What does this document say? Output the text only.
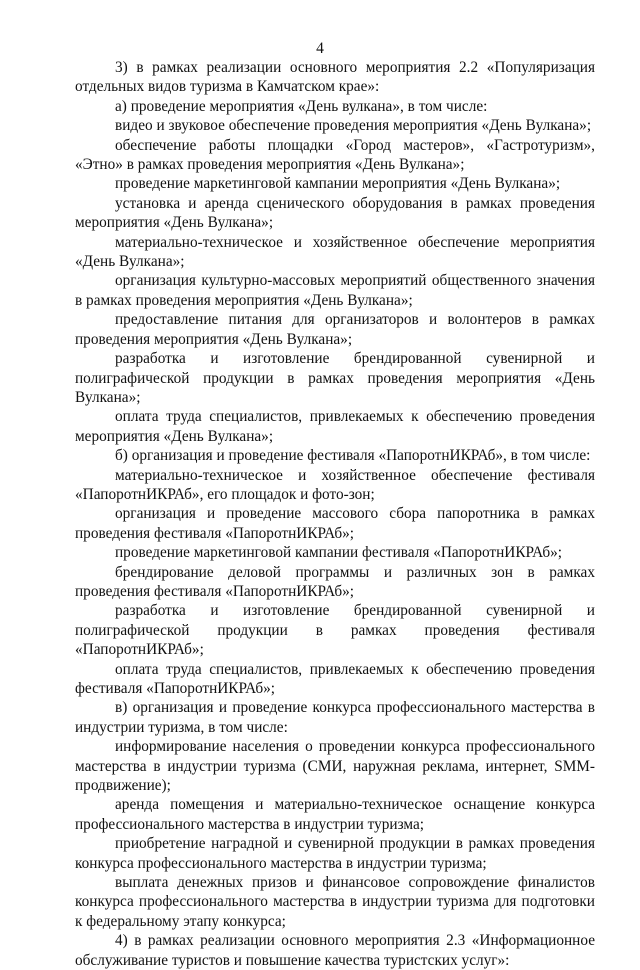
4

3) в рамках реализации основного мероприятия 2.2 «Популяризация отдельных видов туризма в Камчатском крае»:

а) проведение мероприятия «День вулкана», в том числе:

видео и звуковое обеспечение проведения мероприятия «День Вулкана»;

обеспечение работы площадки «Город мастеров», «Гастротуризм», «Этно» в рамках проведения мероприятия «День Вулкана»;

проведение маркетинговой кампании мероприятия «День Вулкана»;

установка и аренда сценического оборудования в рамках проведения мероприятия «День Вулкана»;

материально-техническое и хозяйственное обеспечение мероприятия «День Вулкана»;

организация культурно-массовых мероприятий общественного значения в рамках проведения мероприятия «День Вулкана»;

предоставление питания для организаторов и волонтеров в рамках проведения мероприятия «День Вулкана»;

разработка и изготовление брендированной сувенирной и полиграфической продукции в рамках проведения мероприятия «День Вулкана»;

оплата труда специалистов, привлекаемых к обеспечению проведения мероприятия «День Вулкана»;

б) организация и проведение фестиваля «ПапоротнИКРАб», в том числе:

материально-техническое и хозяйственное обеспечение фестиваля «ПапоротнИКРАб», его площадок и фото-зон;

организация и проведение массового сбора папоротника в рамках проведения фестиваля «ПапоротнИКРАб»;

проведение маркетинговой кампании фестиваля «ПапоротнИКРАб»;

брендирование деловой программы и различных зон в рамках проведения фестиваля «ПапоротнИКРАб»;

разработка и изготовление брендированной сувенирной и полиграфической продукции в рамках проведения фестиваля «ПапоротнИКРАб»;

оплата труда специалистов, привлекаемых к обеспечению проведения фестиваля «ПапоротнИКРАб»;

в) организация и проведение конкурса профессионального мастерства в индустрии туризма, в том числе:

информирование населения о проведении конкурса профессионального мастерства в индустрии туризма (СМИ, наружная реклама, интернет, SMM-продвижение);

аренда помещения и материально-техническое оснащение конкурса профессионального мастерства в индустрии туризма;

приобретение наградной и сувенирной продукции в рамках проведения конкурса профессионального мастерства в индустрии туризма;

выплата денежных призов и финансовое сопровождение финалистов конкурса профессионального мастерства в индустрии туризма для подготовки к федеральному этапу конкурса;

4) в рамках реализации основного мероприятия 2.3 «Информационное обслуживание туристов и повышение качества туристских услуг»:
